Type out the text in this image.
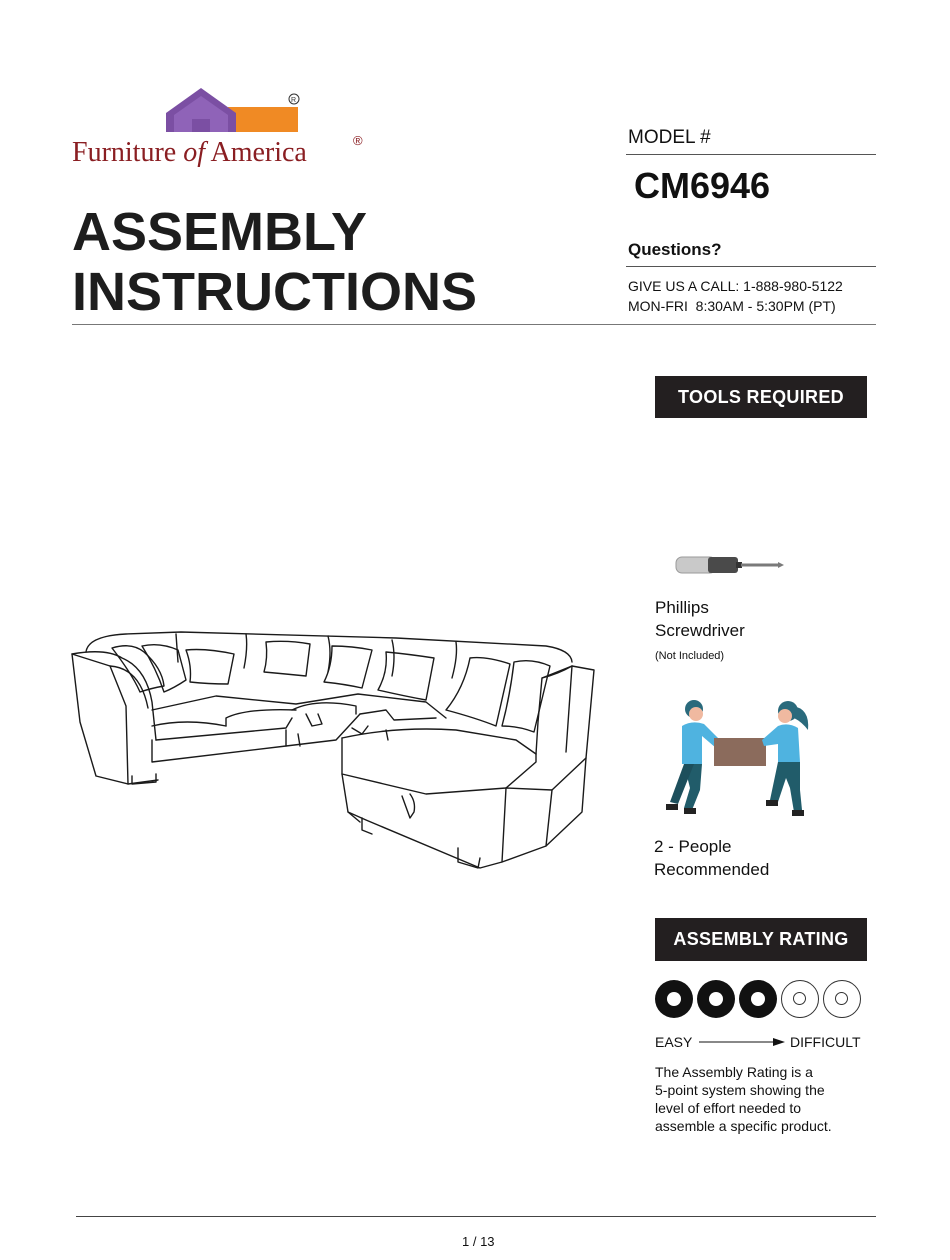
R
Furniture of America	®
ASSEMBLY
INSTRUCTIONS
MODEL #
CM6946
Questions?
GIVE US A CALL: 1-888-980-5122
MON-FRI  8:30AM - 5:30PM (PT)
TOOLS REQUIRED
Phillips
Screwdriver
(Not Included)
2 - People
Recommended
ASSEMBLY RATING
EASY	DIFFICULT
The Assembly Rating is a
5-point system showing the
level of effort needed to
assemble a specific product.
1 / 13
